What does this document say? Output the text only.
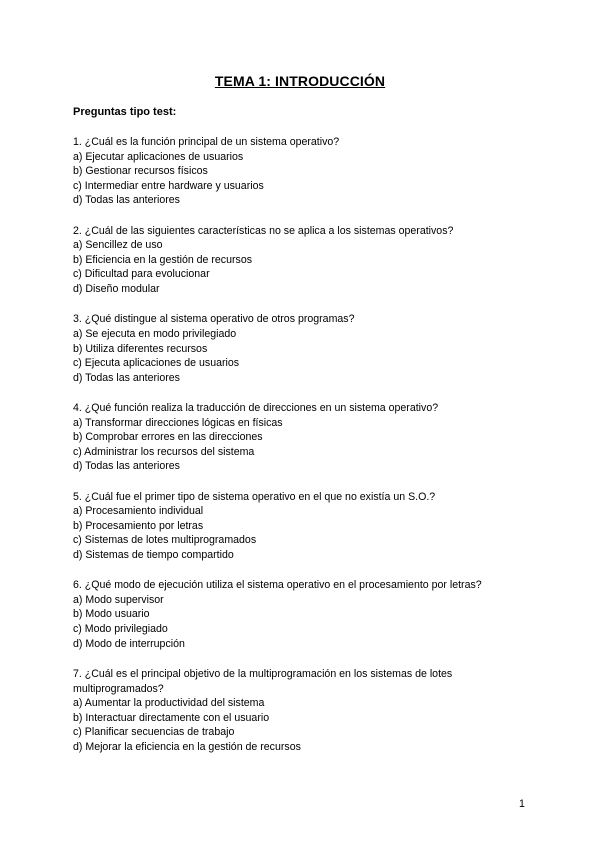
TEMA 1: INTRODUCCIÓN
Preguntas tipo test:
1. ¿Cuál es la función principal de un sistema operativo?
a) Ejecutar aplicaciones de usuarios
b) Gestionar recursos físicos
c) Intermediar entre hardware y usuarios
d) Todas las anteriores
2. ¿Cuál de las siguientes características no se aplica a los sistemas operativos?
a) Sencillez de uso
b) Eficiencia en la gestión de recursos
c) Dificultad para evolucionar
d) Diseño modular
3. ¿Qué distingue al sistema operativo de otros programas?
a) Se ejecuta en modo privilegiado
b) Utiliza diferentes recursos
c) Ejecuta aplicaciones de usuarios
d) Todas las anteriores
4. ¿Qué función realiza la traducción de direcciones en un sistema operativo?
a) Transformar direcciones lógicas en físicas
b) Comprobar errores en las direcciones
c) Administrar los recursos del sistema
d) Todas las anteriores
5. ¿Cuál fue el primer tipo de sistema operativo en el que no existía un S.O.?
a) Procesamiento individual
b) Procesamiento por letras
c) Sistemas de lotes multiprogramados
d) Sistemas de tiempo compartido
6. ¿Qué modo de ejecución utiliza el sistema operativo en el procesamiento por letras?
a) Modo supervisor
b) Modo usuario
c) Modo privilegiado
d) Modo de interrupción
7. ¿Cuál es el principal objetivo de la multiprogramación en los sistemas de lotes multiprogramados?
a) Aumentar la productividad del sistema
b) Interactuar directamente con el usuario
c) Planificar secuencias de trabajo
d) Mejorar la eficiencia en la gestión de recursos
1
